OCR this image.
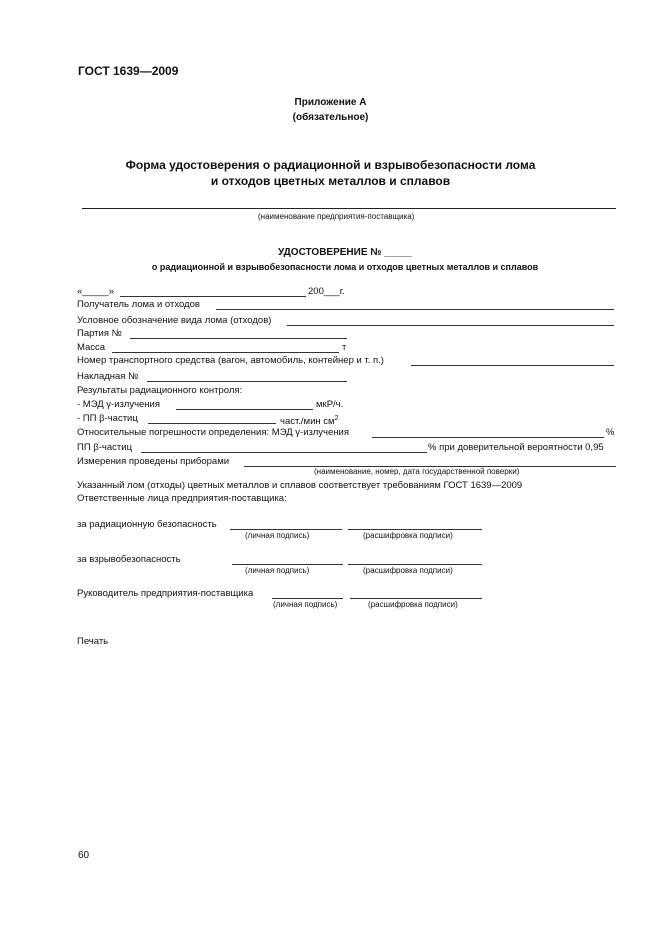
ГОСТ 1639—2009
Приложение А
(обязательное)
Форма удостоверения о радиационной и взрывобезопасности лома
и отходов цветных металлов и сплавов
(наименование предприятия-поставщика)
УДОСТОВЕРЕНИЕ № _____
о радиационной и взрывобезопасности лома и отходов цветных металлов и сплавов
«_____»	200___г.
Получатель лома и отходов
Условное обозначение вида лома (отходов)
Партия №
Масса	т
Номер транспортного средства (вагон, автомобиль, контейнер и т. п.)
Накладная №
Результаты радиационного контроля:
- МЭД γ-излучения	мкР/ч.
- ПП β-частиц	част./мин $см^2$
Относительные погрешности определения: МЭД γ-излучения	%
ПП β-частиц	% при доверительной вероятности 0,95
Измерения проведены приборами
(наименование, номер, дата государственной поверки)
Указанный лом (отходы) цветных металлов и сплавов соответствует требованиям ГОСТ 1639—2009
Ответственные лица предприятия-поставщика:
за радиационную безопасность
(личная подпись)	(расшифровка подписи)
за взрывобезопасность
(личная подпись)	(расшифровка подписи)
Руководитель предприятия-поставщика
(личная подпись)	(расшифровка подписи)
Печать
60
